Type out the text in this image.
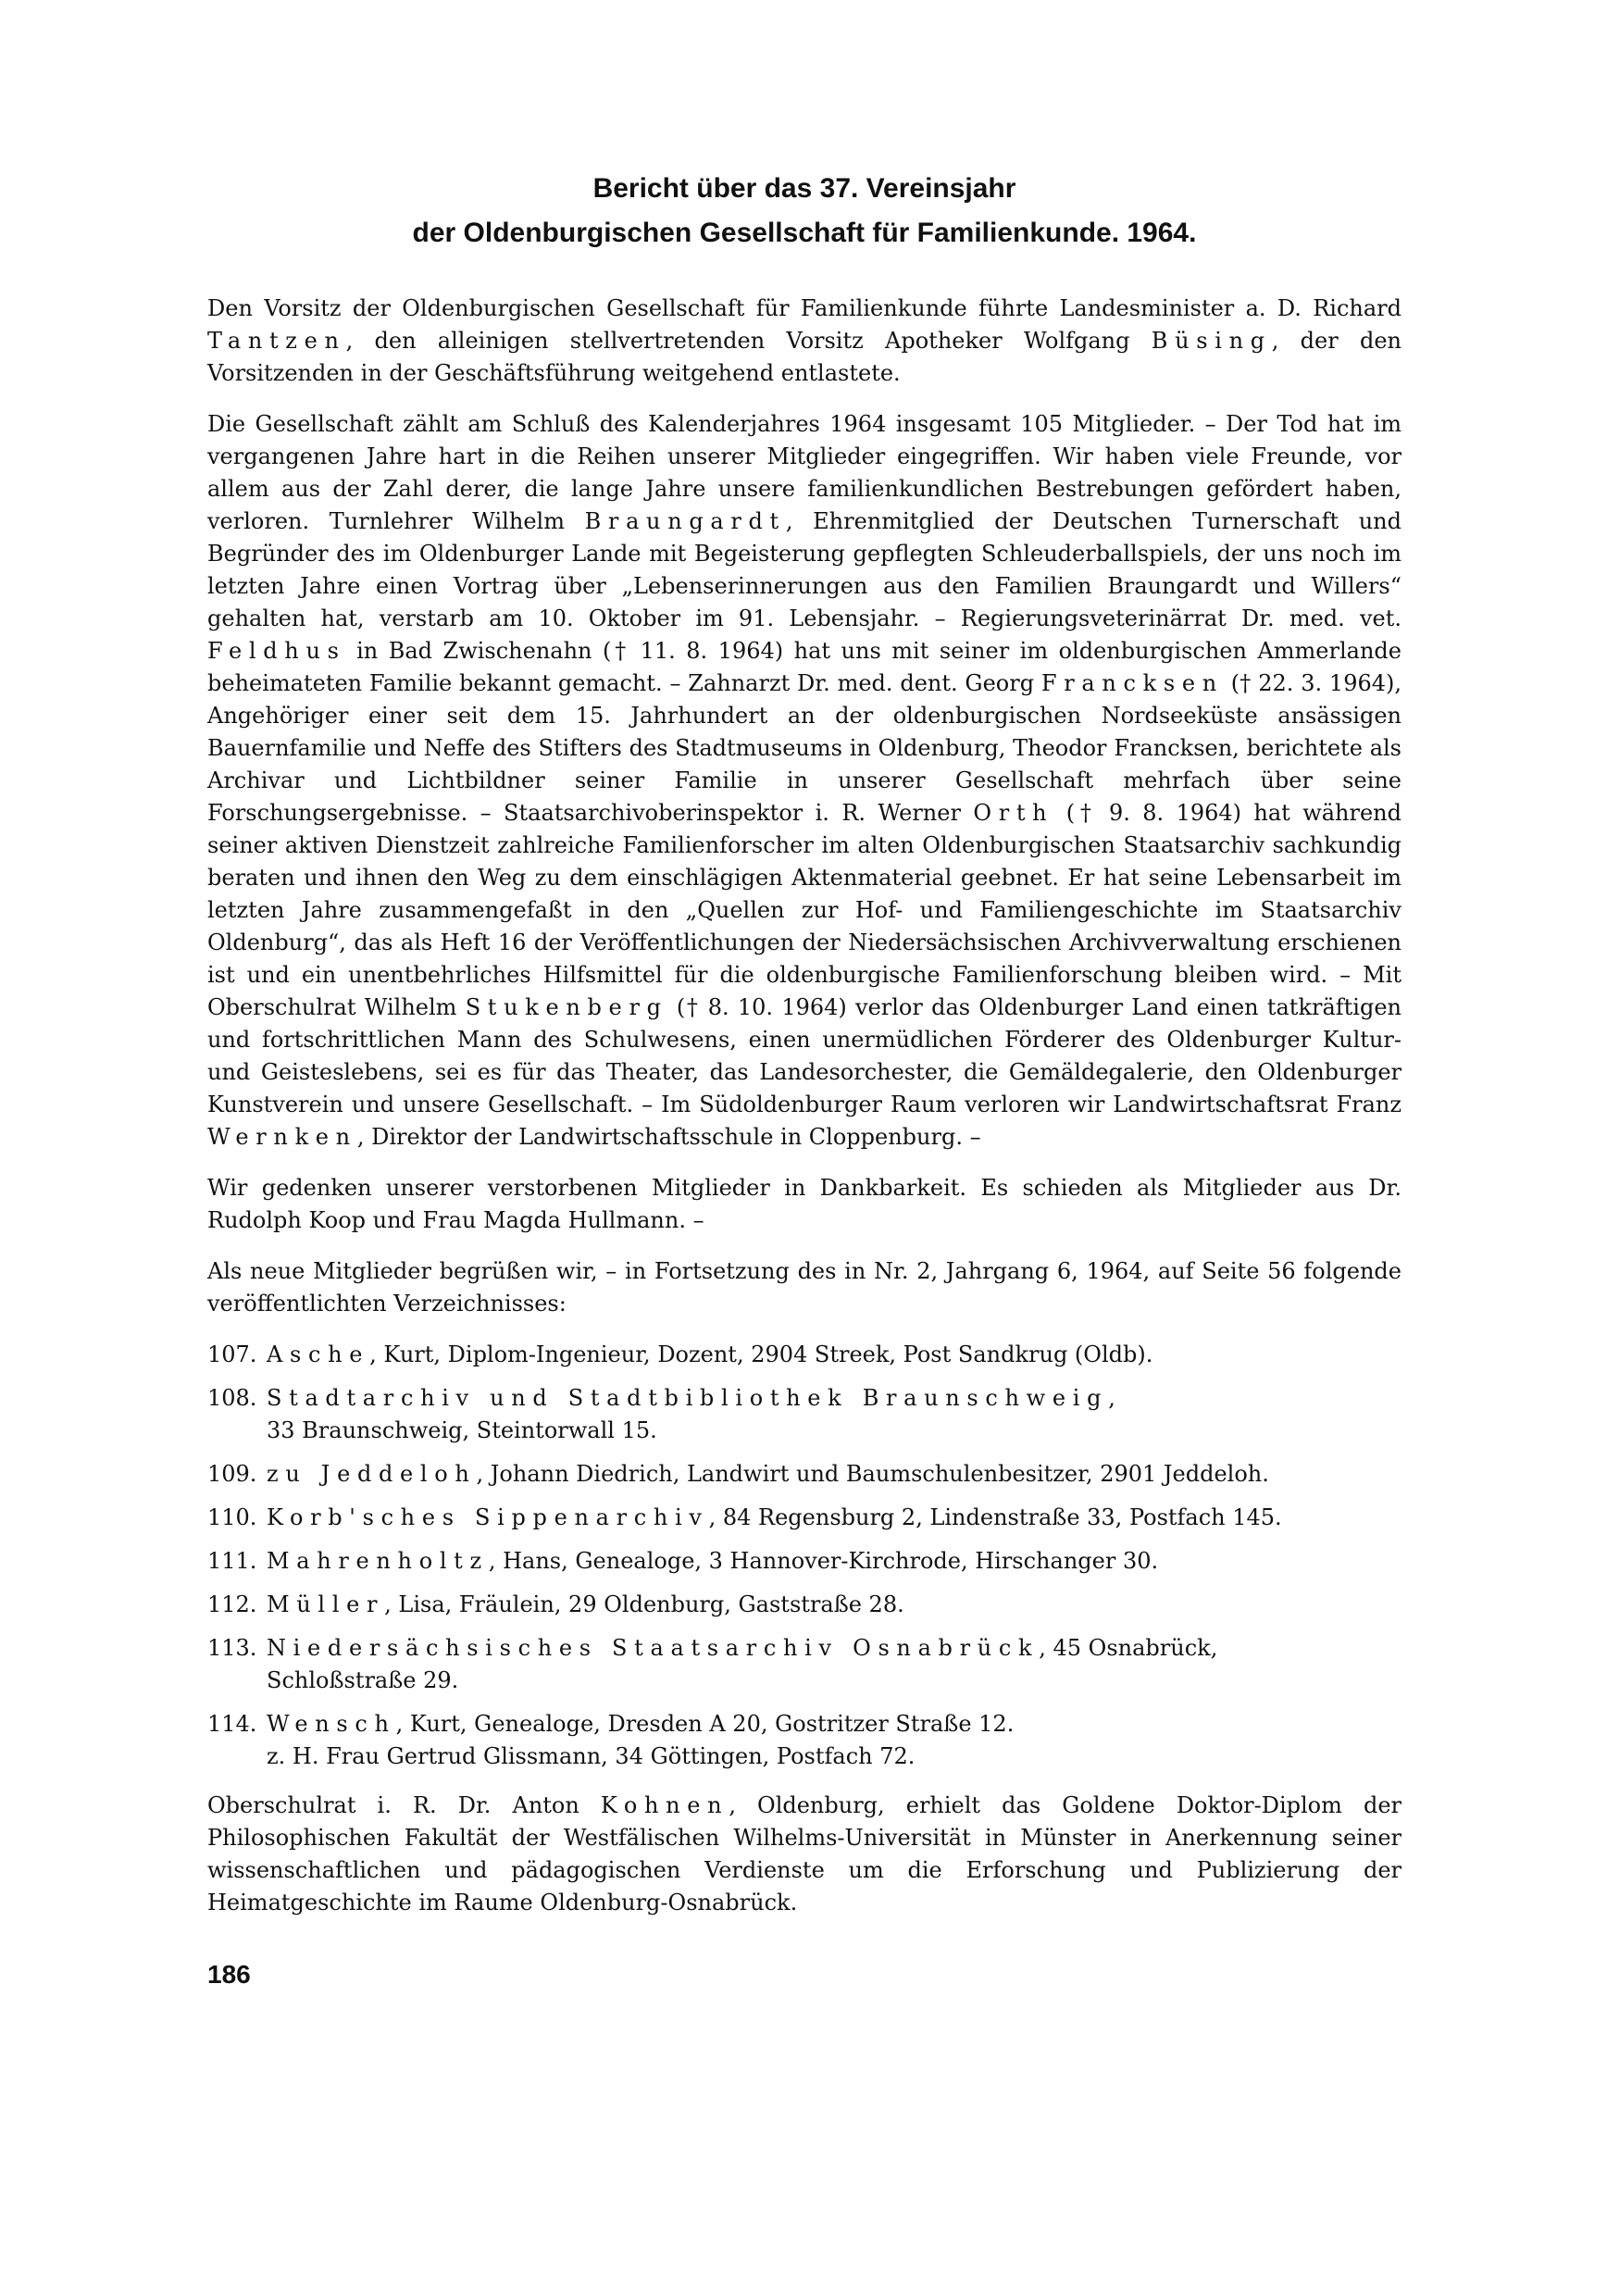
Bericht über das 37. Vereinsjahr
der Oldenburgischen Gesellschaft für Familienkunde. 1964.

Den Vorsitz der Oldenburgischen Gesellschaft für Familienkunde führte Landesminister a. D. Richard Tantzen, den alleinigen stellvertretenden Vorsitz Apotheker Wolfgang Büsing, der den Vorsitzenden in der Geschäftsführung weitgehend entlastete.

Die Gesellschaft zählt am Schluß des Kalenderjahres 1964 insgesamt 105 Mitglieder. – Der Tod hat im vergangenen Jahre hart in die Reihen unserer Mitglieder eingegriffen. Wir haben viele Freunde, vor allem aus der Zahl derer, die lange Jahre unsere familienkundlichen Bestrebungen gefördert haben, verloren. Turnlehrer Wilhelm Braungardt, Ehrenmitglied der Deutschen Turnerschaft und Begründer des im Oldenburger Lande mit Begeisterung gepflegten Schleuderballspiels, der uns noch im letzten Jahre einen Vortrag über „Lebenserinnerungen aus den Familien Braungardt und Willers“ gehalten hat, verstarb am 10. Oktober im 91. Lebensjahr. – Regierungsveterinärrat Dr. med. vet. Feldhus in Bad Zwischenahn († 11. 8. 1964) hat uns mit seiner im oldenburgischen Ammerlande beheimateten Familie bekannt gemacht. – Zahnarzt Dr. med. dent. Georg Francksen († 22. 3. 1964), Angehöriger einer seit dem 15. Jahrhundert an der oldenburgischen Nordseeküste ansässigen Bauernfamilie und Neffe des Stifters des Stadtmuseums in Oldenburg, Theodor Francksen, berichtete als Archivar und Lichtbildner seiner Familie in unserer Gesellschaft mehrfach über seine Forschungsergebnisse. – Staatsarchivoberinspektor i. R. Werner Orth († 9. 8. 1964) hat während seiner aktiven Dienstzeit zahlreiche Familienforscher im alten Oldenburgischen Staatsarchiv sachkundig beraten und ihnen den Weg zu dem einschlägigen Aktenmaterial geebnet. Er hat seine Lebensarbeit im letzten Jahre zusammengefaßt in den „Quellen zur Hof- und Familiengeschichte im Staatsarchiv Oldenburg“, das als Heft 16 der Veröffentlichungen der Niedersächsischen Archivverwaltung erschienen ist und ein unentbehrliches Hilfsmittel für die oldenburgische Familienforschung bleiben wird. – Mit Oberschulrat Wilhelm Stukenberg († 8. 10. 1964) verlor das Oldenburger Land einen tatkräftigen und fortschrittlichen Mann des Schulwesens, einen unermüdlichen Förderer des Oldenburger Kultur- und Geisteslebens, sei es für das Theater, das Landesorchester, die Gemäldegalerie, den Oldenburger Kunstverein und unsere Gesellschaft. – Im Südoldenburger Raum verloren wir Landwirtschaftsrat Franz Wernken, Direktor der Landwirtschaftsschule in Cloppenburg. –

Wir gedenken unserer verstorbenen Mitglieder in Dankbarkeit. Es schieden als Mitglieder aus Dr. Rudolph Koop und Frau Magda Hullmann. –

Als neue Mitglieder begrüßen wir, – in Fortsetzung des in Nr. 2, Jahrgang 6, 1964, auf Seite 56 folgende veröffentlichten Verzeichnisses:

107. Asche, Kurt, Diplom-Ingenieur, Dozent, 2904 Streek, Post Sandkrug (Oldb).

108. Stadtarchiv und Stadtbibliothek Braunschweig,
33 Braunschweig, Steintorwall 15.
109. zu Jeddeloh, Johann Diedrich, Landwirt und Baumschulenbesitzer, 2901 Jeddeloh.

110. Korb'sches Sippenarchiv, 84 Regensburg 2, Lindenstraße 33, Postfach 145.

111. Mahrenholtz, Hans, Genealoge, 3 Hannover-Kirchrode, Hirschanger 30.

112. Müller, Lisa, Fräulein, 29 Oldenburg, Gaststraße 28.

113. Niedersächsisches Staatsarchiv Osnabrück, 45 Osnabrück,
Schloßstraße 29.
114. Wensch, Kurt, Genealoge, Dresden A 20, Gostritzer Straße 12.
z. H. Frau Gertrud Glissmann, 34 Göttingen, Postfach 72.

Oberschulrat i. R. Dr. Anton Kohnen, Oldenburg, erhielt das Goldene Doktor-Diplom der Philosophischen Fakultät der Westfälischen Wilhelms-Universität in Münster in Anerkennung seiner wissenschaftlichen und pädagogischen Verdienste um die Erforschung und Publizierung der Heimatgeschichte im Raume Oldenburg-Osnabrück.

186
